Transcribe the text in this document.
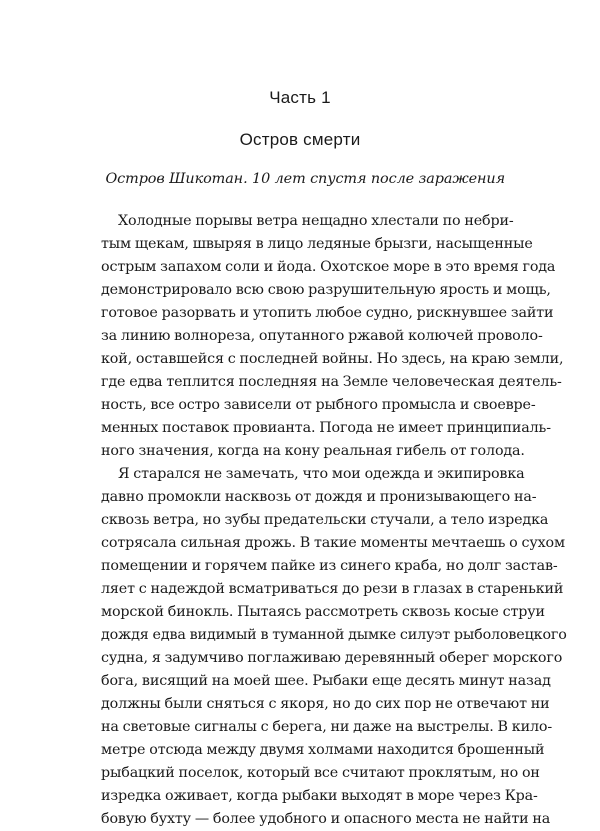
Часть 1
Остров смерти
Остров Шикотан. 10 лет спустя после заражения
Холодные порывы ветра нещадно хлестали по небри-
тым щекам, швыряя в лицо ледяные брызги, насыщенные
острым запахом соли и йода. Охотское море в это время года
демонстрировало всю свою разрушительную ярость и мощь,
готовое разорвать и утопить любое судно, рискнувшее зайти
за линию волнореза, опутанного ржавой колючей проволо-
кой, оставшейся с последней войны. Но здесь, на краю земли,
где едва теплится последняя на Земле человеческая деятель-
ность, все остро зависели от рыбного промысла и своевре-
менных поставок провианта. Погода не имеет принципиаль-
ного значения, когда на кону реальная гибель от голода.
Я старался не замечать, что мои одежда и экипировка
давно промокли насквозь от дождя и пронизывающего на-
сквозь ветра, но зубы предательски стучали, а тело изредка
сотрясала сильная дрожь. В такие моменты мечтаешь о сухом
помещении и горячем пайке из синего краба, но долг застав-
ляет с надеждой всматриваться до рези в глазах в старенький
морской бинокль. Пытаясь рассмотреть сквозь косые струи
дождя едва видимый в туманной дымке силуэт рыболовецкого
судна, я задумчиво поглаживаю деревянный оберег морского
бога, висящий на моей шее. Рыбаки еще десять минут назад
должны были сняться с якоря, но до сих пор не отвечают ни
на световые сигналы с берега, ни даже на выстрелы. В кило-
метре отсюда между двумя холмами находится брошенный
рыбацкий поселок, который все считают проклятым, но он
изредка оживает, когда рыбаки выходят в море через Кра-
бовую бухту — более удобного и опасного места не найти на
